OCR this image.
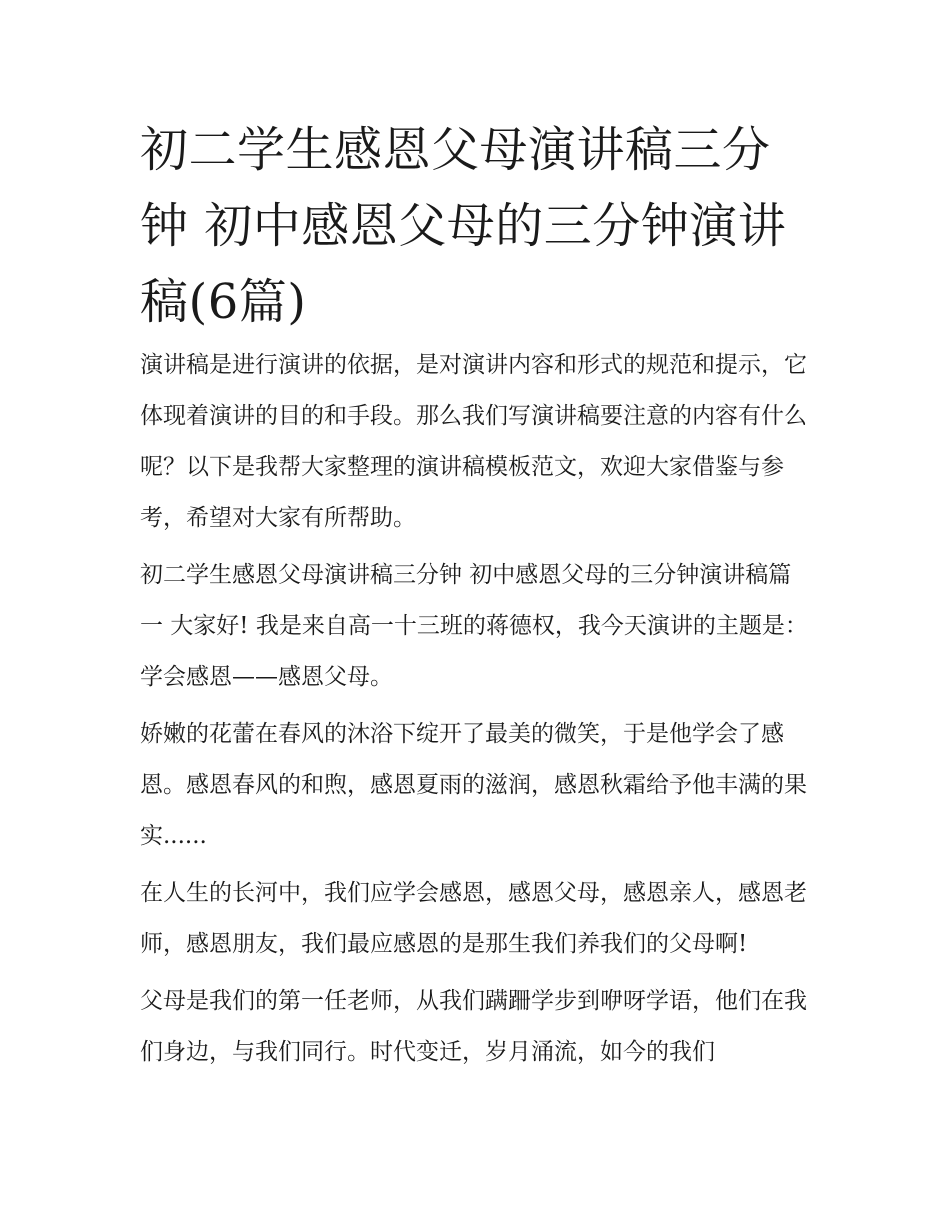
初二学生感恩父母演讲稿三分钟 初中感恩父母的三分钟演讲稿(6篇)

演讲稿是进行演讲的依据，是对演讲内容和形式的规范和提示，它体现着演讲的目的和手段。那么我们写演讲稿要注意的内容有什么呢？以下是我帮大家整理的演讲稿模板范文，欢迎大家借鉴与参考，希望对大家有所帮助。

初二学生感恩父母演讲稿三分钟 初中感恩父母的三分钟演讲稿篇一 大家好! 我是来自高一十三班的蒋德权，我今天演讲的主题是：学会感恩——感恩父母。

娇嫩的花蕾在春风的沐浴下绽开了最美的微笑，于是他学会了感恩。感恩春风的和煦，感恩夏雨的滋润，感恩秋霜给予他丰满的果实......

在人生的长河中，我们应学会感恩，感恩父母，感恩亲人，感恩老师，感恩朋友，我们最应感恩的是那生我们养我们的父母啊!

父母是我们的第一任老师，从我们蹒跚学步到咿呀学语，他们在我们身边，与我们同行。时代变迁，岁月涌流，如今的我们
